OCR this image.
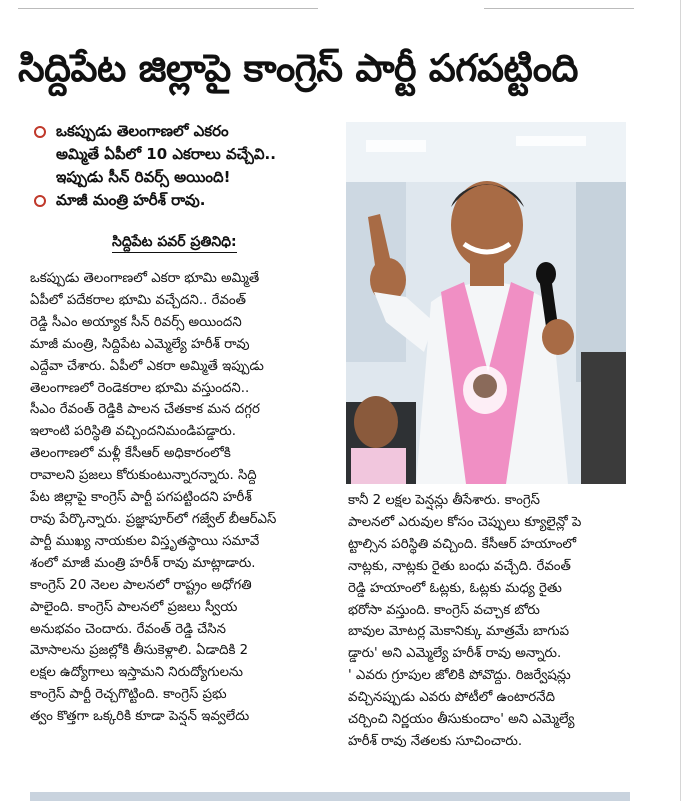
సిద్దిపేట జిల్లాపై కాంగ్రెస్ పార్టీ పగపట్టింది
ఒకప్పుడు తెలంగాణలో ఎకరం
అమ్మితే ఏపీలో 10 ఎకరాలు వచ్చేవి..
ఇప్పుడు సీన్ రివర్స్ అయింది!
మాజీ మంత్రి హరీశ్ రావు.
సిద్దిపేట పవర్ ప్రతినిధి:
ఒకప్పుడు తెలంగాణలో ఎకరా భూమి అమ్మితే
ఏపీలో పదేకరాల భూమి వచ్చేదని.. రేవంత్
రెడ్డి సీఎం అయ్యాక సీన్ రివర్స్ అయిందని
మాజీ మంత్రి, సిద్దిపేట ఎమ్మెల్యే హరీశ్ రావు
ఎద్దేవా చేశారు. ఏపీలో ఎకరా అమ్మితే ఇప్పుడు
తెలంగాణలో రెండెకరాల భూమి వస్తుందని..
సీఎం రేవంత్ రెడ్డికి పాలన చేతకాక మన దగ్గర
ఇలాంటి పరిస్థితి వచ్చిందనిమండిపడ్డారు.
తెలంగాణలో మళ్లీ కేసీఆర్ అధికారంలోకి
రావాలని ప్రజలు కోరుకుంటున్నారన్నారు. సిద్ది
పేట జిల్లాపై కాంగ్రెస్ పార్టీ పగపట్టిందని హరీశ్
రావు పేర్కొన్నారు. ప్రజ్ఞాపూర్‌లో గజ్వేల్ బీఆర్ఎస్
పార్టీ ముఖ్య నాయకుల విస్తృతస్థాయి సమావే
శంలో మాజీ మంత్రి హరీశ్ రావు మాట్లాడారు.
కాంగ్రెస్ 20 నెలల పాలనలో రాష్ట్రం అధోగతి
పాలైంది. కాంగ్రెస్ పాలనలో ప్రజలు స్వీయ
అనుభవం చెందారు. రేవంత్ రెడ్డి చేసిన
మోసాలను ప్రజల్లోకి తీసుకెళ్లాలి. ఏడాదికి 2
లక్షల ఉద్యోగాలు ఇస్తామని నిరుద్యోగులను
కాంగ్రెస్ పార్టీ రెచ్చగొట్టింది. కాంగ్రెస్ ప్రభు
త్వం కొత్తగా ఒక్కరికి కూడా పెన్షన్ ఇవ్వలేదు
కానీ 2 లక్షల పెన్షన్లు తీసేశారు. కాంగ్రెస్
పాలనలో ఎరువుల కోసం చెప్పులు క్యూలైన్లో పె
ట్టాల్సిన పరిస్థితి వచ్చింది. కేసీఆర్ హయాంలో
నాట్లకు, నాట్లకు రైతు బంధు వచ్చేది. రేవంత్
రెడ్డి హయాంలో ఓట్లకు, ఓట్లకు మధ్య రైతు
భరోసా వస్తుంది. కాంగ్రెస్ వచ్చాక బోరు
బావుల మోటర్ల మెకానిక్కు మాత్రమే బాగుప
డ్డారు' అని ఎమ్మెల్యే హరీశ్ రావు అన్నారు.
' ఎవరు గ్రూపుల జోలికి పోవొద్దు. రిజర్వేషన్లు
వచ్చినప్పుడు ఎవరు పోటీలో ఉంటారనేది
చర్చించి నిర్ణయం తీసుకుందాం' అని ఎమ్మెల్యే
హరీశ్ రావు నేతలకు సూచించారు.
